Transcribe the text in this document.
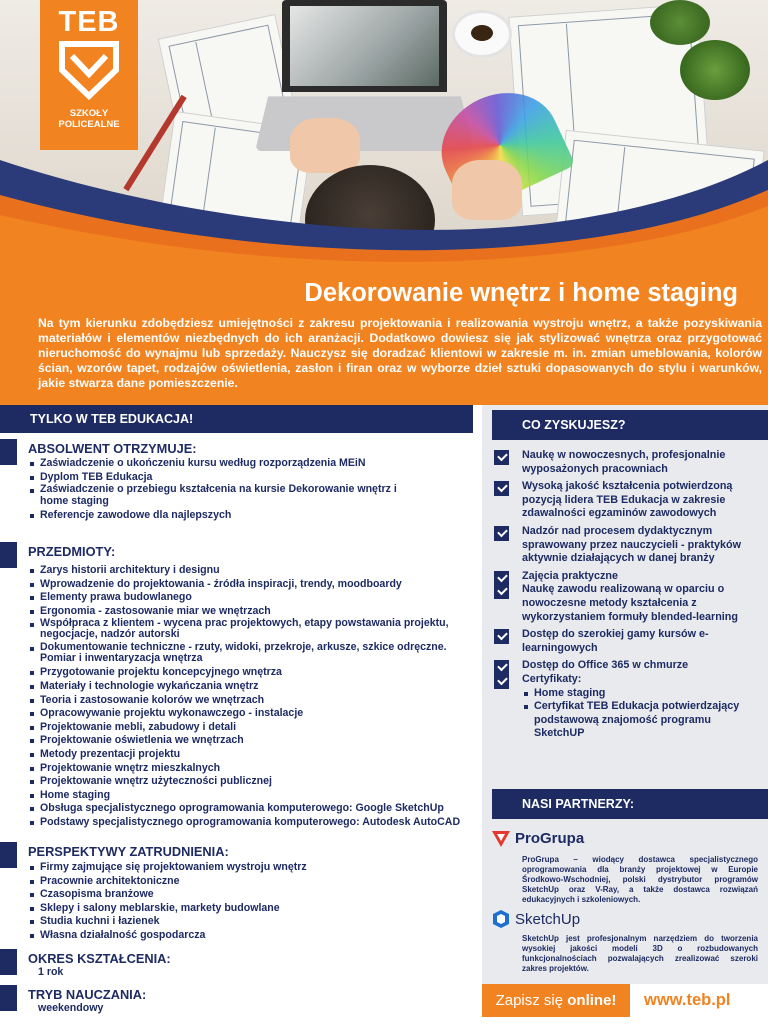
TEB
SZKOŁY
POLICEALNE
Dekorowanie wnętrz i home staging
Na tym kierunku zdobędziesz umiejętności z zakresu projektowania i realizowania wystroju wnętrz, a także pozyskiwania materiałów i elementów niezbędnych do ich aranżacji. Dodatkowo dowiesz się jak stylizować wnętrza oraz przygotować nieruchomość do wynajmu lub sprzedaży. Nauczysz się doradzać klientowi w zakresie m. in. zmian umeblowania, kolorów ścian, wzorów tapet, rodzajów oświetlenia, zasłon i firan oraz w wyborze dzieł sztuki dopasowanych do stylu i warunków, jakie stwarza dane pomieszczenie.
TYLKO W TEB EDUKACJA!
ABSOLWENT OTRZYMUJE:
Zaświadczenie o ukończeniu kursu według rozporządzenia MEiN
Dyplom TEB Edukacja
Zaświadczenie o przebiegu kształcenia na kursie Dekorowanie wnętrz i home staging
Referencje zawodowe dla najlepszych
PRZEDMIOTY:
Zarys historii architektury i designu
Wprowadzenie do projektowania - źródła inspiracji, trendy, moodboardy
Elementy prawa budowlanego
Ergonomia - zastosowanie miar we wnętrzach
Współpraca z klientem - wycena prac projektowych, etapy powstawania projektu, negocjacje, nadzór autorski
Dokumentowanie techniczne - rzuty, widoki, przekroje, arkusze, szkice odręczne. Pomiar i inwentaryzacja wnętrza
Przygotowanie projektu koncepcyjnego wnętrza
Materiały i technologie wykańczania wnętrz
Teoria i zastosowanie kolorów we wnętrzach
Opracowywanie projektu wykonawczego - instalacje
Projektowanie mebli, zabudowy i detali
Projektowanie oświetlenia we wnętrzach
Metody prezentacji projektu
Projektowanie wnętrz mieszkalnych
Projektowanie wnętrz użyteczności publicznej
Home staging
Obsługa specjalistycznego oprogramowania komputerowego: Google SketchUp
Podstawy specjalistycznego oprogramowania komputerowego: Autodesk AutoCAD
PERSPEKTYWY ZATRUDNIENIA:
Firmy zajmujące się projektowaniem wystroju wnętrz
Pracownie architektoniczne
Czasopisma branżowe
Sklepy i salony meblarskie, markety budowlane
Studia kuchni i łazienek
Własna działalność gospodarcza
OKRES KSZTAŁCENIA:
1 rok
TRYB NAUCZANIA:
weekendowy
CO ZYSKUJESZ?
Naukę w nowoczesnych, profesjonalnie wyposażonych pracowniach
Wysoką jakość kształcenia potwierdzoną pozycją lidera TEB Edukacja w zakresie zdawalności egzaminów zawodowych
Nadzór nad procesem dydaktycznym sprawowany przez nauczycieli - praktyków aktywnie działających w danej branży
Zajęcia praktyczne
Naukę zawodu realizowaną w oparciu o nowoczesne metody kształcenia z wykorzystaniem formuły blended-learning
Dostęp do szerokiej gamy kursów e-learningowych
Dostęp do Office 365 w chmurze
Certyfikaty:
Home staging
Certyfikat TEB Edukacja potwierdzający podstawową znajomość programu SketchUP
NASI PARTNERZY:
ProGrupa
ProGrupa – wiodący dostawca specjalistycznego oprogramowania dla branży projektowej w Europie Środkowo-Wschodniej, polski dystrybutor programów SketchUp oraz V-Ray, a także dostawca rozwiązań edukacyjnych i szkoleniowych.
SketchUp
SketchUp jest profesjonalnym narzędziem do tworzenia wysokiej jakości modeli 3D o rozbudowanych funkcjonalnościach pozwalających zrealizować szeroki zakres projektów.
Zapisz się online!	www.teb.pl
